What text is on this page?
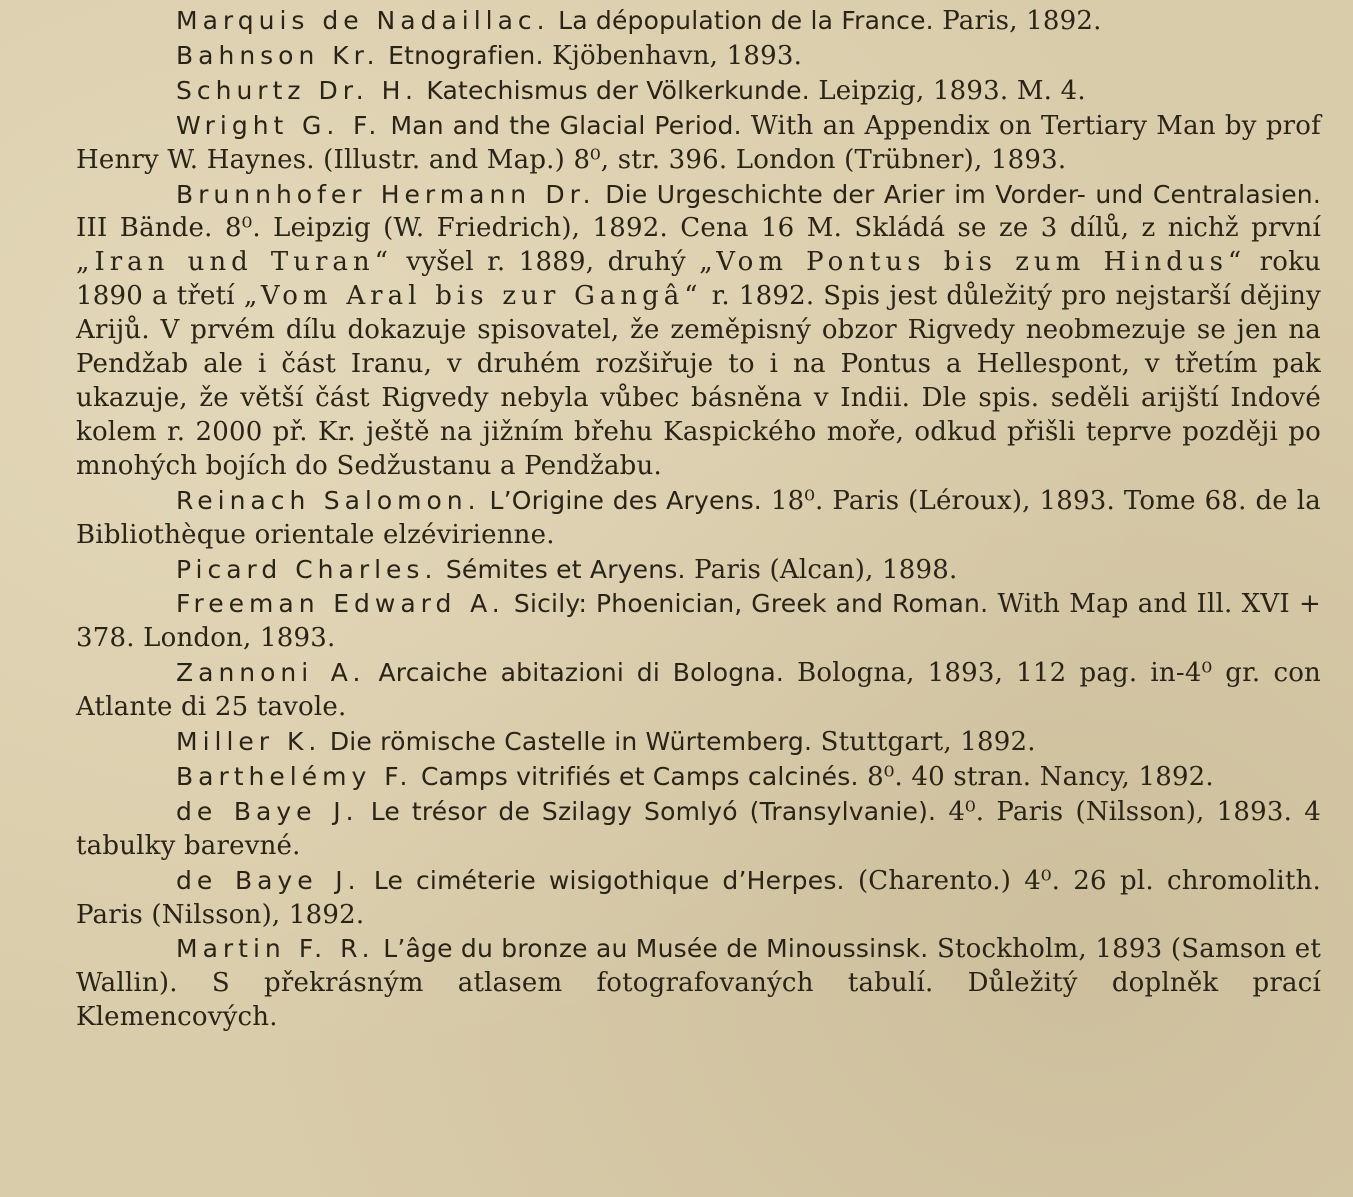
Marquis de Nadaillac. La dépopulation de la France. Paris, 1892.
Bahnson Kr. Etnografien. Kjöbenhavn, 1893.
Schurtz Dr. H. Katechismus der Völkerkunde. Leipzig, 1893. M. 4.
Wright G. F. Man and the Glacial Period. With an Appendix on Tertiary Man by prof Henry W. Haynes. (Illustr. and Map.) 8⁰, str. 396. London (Trübner), 1893.
Brunnhofer Hermann Dr. Die Urgeschichte der Arier im Vorder- und Centralasien. III Bände. 8⁰. Leipzig (W. Friedrich), 1892. Cena 16 M. Skládá se ze 3 dílů, z nichž první „Iran und Turan“ vyšel r. 1889, druhý „Vom Pontus bis zum Hindus“ roku 1890 a třetí „Vom Aral bis zur Gangâ“ r. 1892. Spis jest důležitý pro nejstarší dějiny Arijů. V prvém dílu dokazuje spisovatel, že zeměpisný obzor Rigvedy neobmezuje se jen na Pendžab ale i část Iranu, v druhém rozšiřuje to i na Pontus a Hellespont, v třetím pak ukazuje, že větší část Rigvedy nebyla vůbec básněna v Indii. Dle spis. seděli arijští Indové kolem r. 2000 př. Kr. ještě na jižním břehu Kaspického moře, odkud přišli teprve později po mnohých bojích do Sedžustanu a Pendžabu.
Reinach Salomon. L’Origine des Aryens. 18⁰. Paris (Léroux), 1893. Tome 68. de la Bibliothèque orientale elzévirienne.
Picard Charles. Sémites et Aryens. Paris (Alcan), 1898.
Freeman Edward A. Sicily: Phoenician, Greek and Roman. With Map and Ill. XVI + 378. London, 1893.
Zannoni A. Arcaiche abitazioni di Bologna. Bologna, 1893, 112 pag. in-4⁰ gr. con Atlante di 25 tavole.
Miller K. Die römische Castelle in Würtemberg. Stuttgart, 1892.
Barthelémy F. Camps vitrifiés et Camps calcinés. 8⁰. 40 stran. Nancy, 1892.
de Baye J. Le trésor de Szilagy Somlyó (Transylvanie). 4⁰. Paris (Nilsson), 1893. 4 tabulky barevné.
de Baye J. Le ciméterie wisigothique d’Herpes. (Charento.) 4⁰. 26 pl. chromolith. Paris (Nilsson), 1892.
Martin F. R. L’âge du bronze au Musée de Minoussinsk. Stockholm, 1893 (Samson et Wallin). S překrásným atlasem fotografovaných tabulí. Důležitý doplněk prací Klemencových.
